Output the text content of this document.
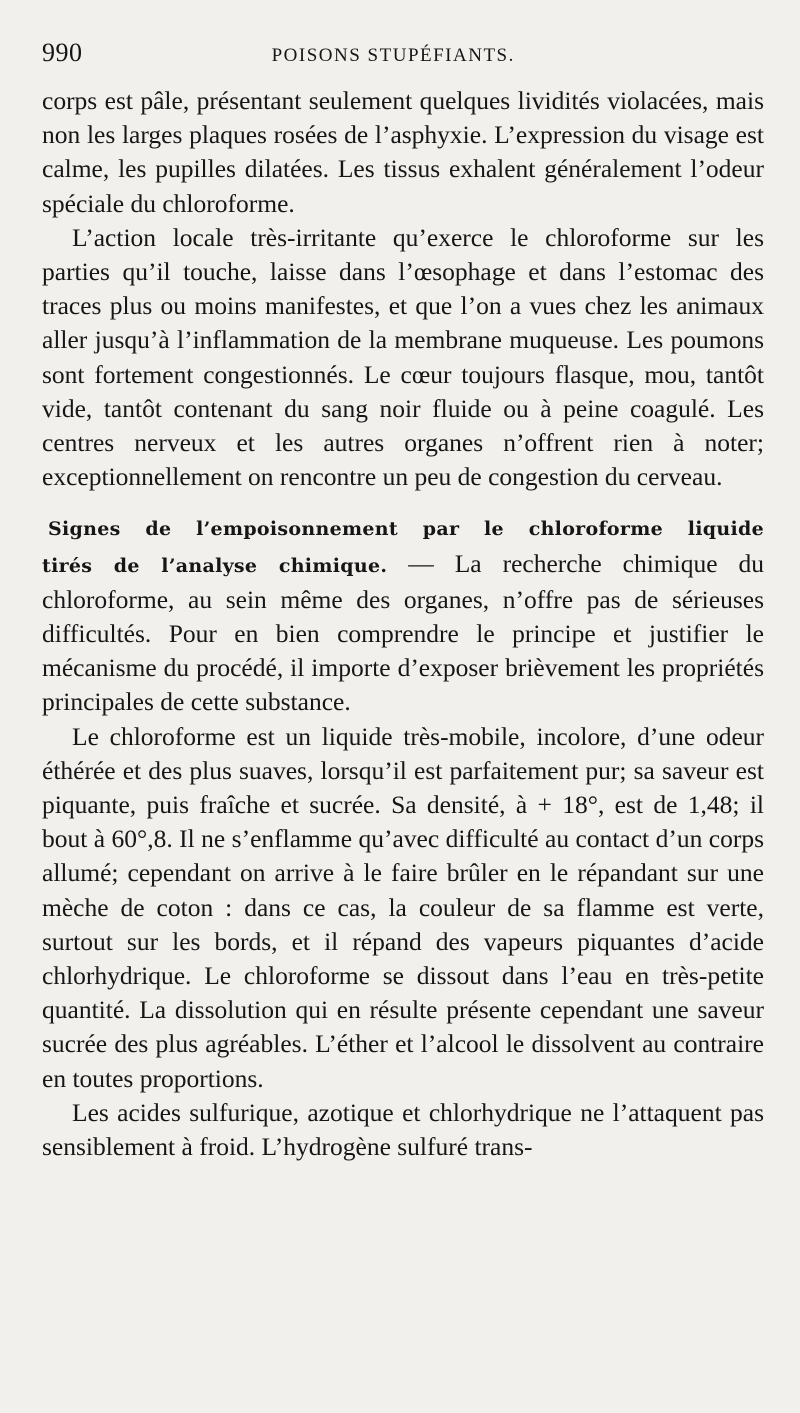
990	POISONS STUPÉFIANTS.

corps est pâle, présentant seulement quelques lividités violacées, mais non les larges plaques rosées de l’asphyxie. L’expression du visage est calme, les pupilles dilatées. Les tissus exhalent généralement l’odeur spéciale du chloroforme.

L’action locale très-irritante qu’exerce le chloroforme sur les parties qu’il touche, laisse dans l’œsophage et dans l’estomac des traces plus ou moins manifestes, et que l’on a vues chez les animaux aller jusqu’à l’inflammation de la membrane muqueuse. Les poumons sont fortement congestionnés. Le cœur toujours flasque, mou, tantôt vide, tantôt contenant du sang noir fluide ou à peine coagulé. Les centres nerveux et les autres organes n’offrent rien à noter; exceptionnellement on rencontre un peu de congestion du cerveau.

Signes de l’empoisonnement par le chloroforme liquide
tirés de l’analyse chimique. — La recherche chimique du chloroforme, au sein même des organes, n’offre pas de sérieuses difficultés. Pour en bien comprendre le principe et justifier le mécanisme du procédé, il importe d’exposer brièvement les propriétés principales de cette substance.

Le chloroforme est un liquide très-mobile, incolore, d’une odeur éthérée et des plus suaves, lorsqu’il est parfaitement pur; sa saveur est piquante, puis fraîche et sucrée. Sa densité, à + 18°, est de 1,48; il bout à 60°,8. Il ne s’enflamme qu’avec difficulté au contact d’un corps allumé; cependant on arrive à le faire brûler en le répandant sur une mèche de coton : dans ce cas, la couleur de sa flamme est verte, surtout sur les bords, et il répand des vapeurs piquantes d’acide chlorhydrique. Le chloroforme se dissout dans l’eau en très-petite quantité. La dissolution qui en résulte présente cependant une saveur sucrée des plus agréables. L’éther et l’alcool le dissolvent au contraire en toutes proportions.

Les acides sulfurique, azotique et chlorhydrique ne l’attaquent pas sensiblement à froid. L’hydrogène sulfuré trans-
